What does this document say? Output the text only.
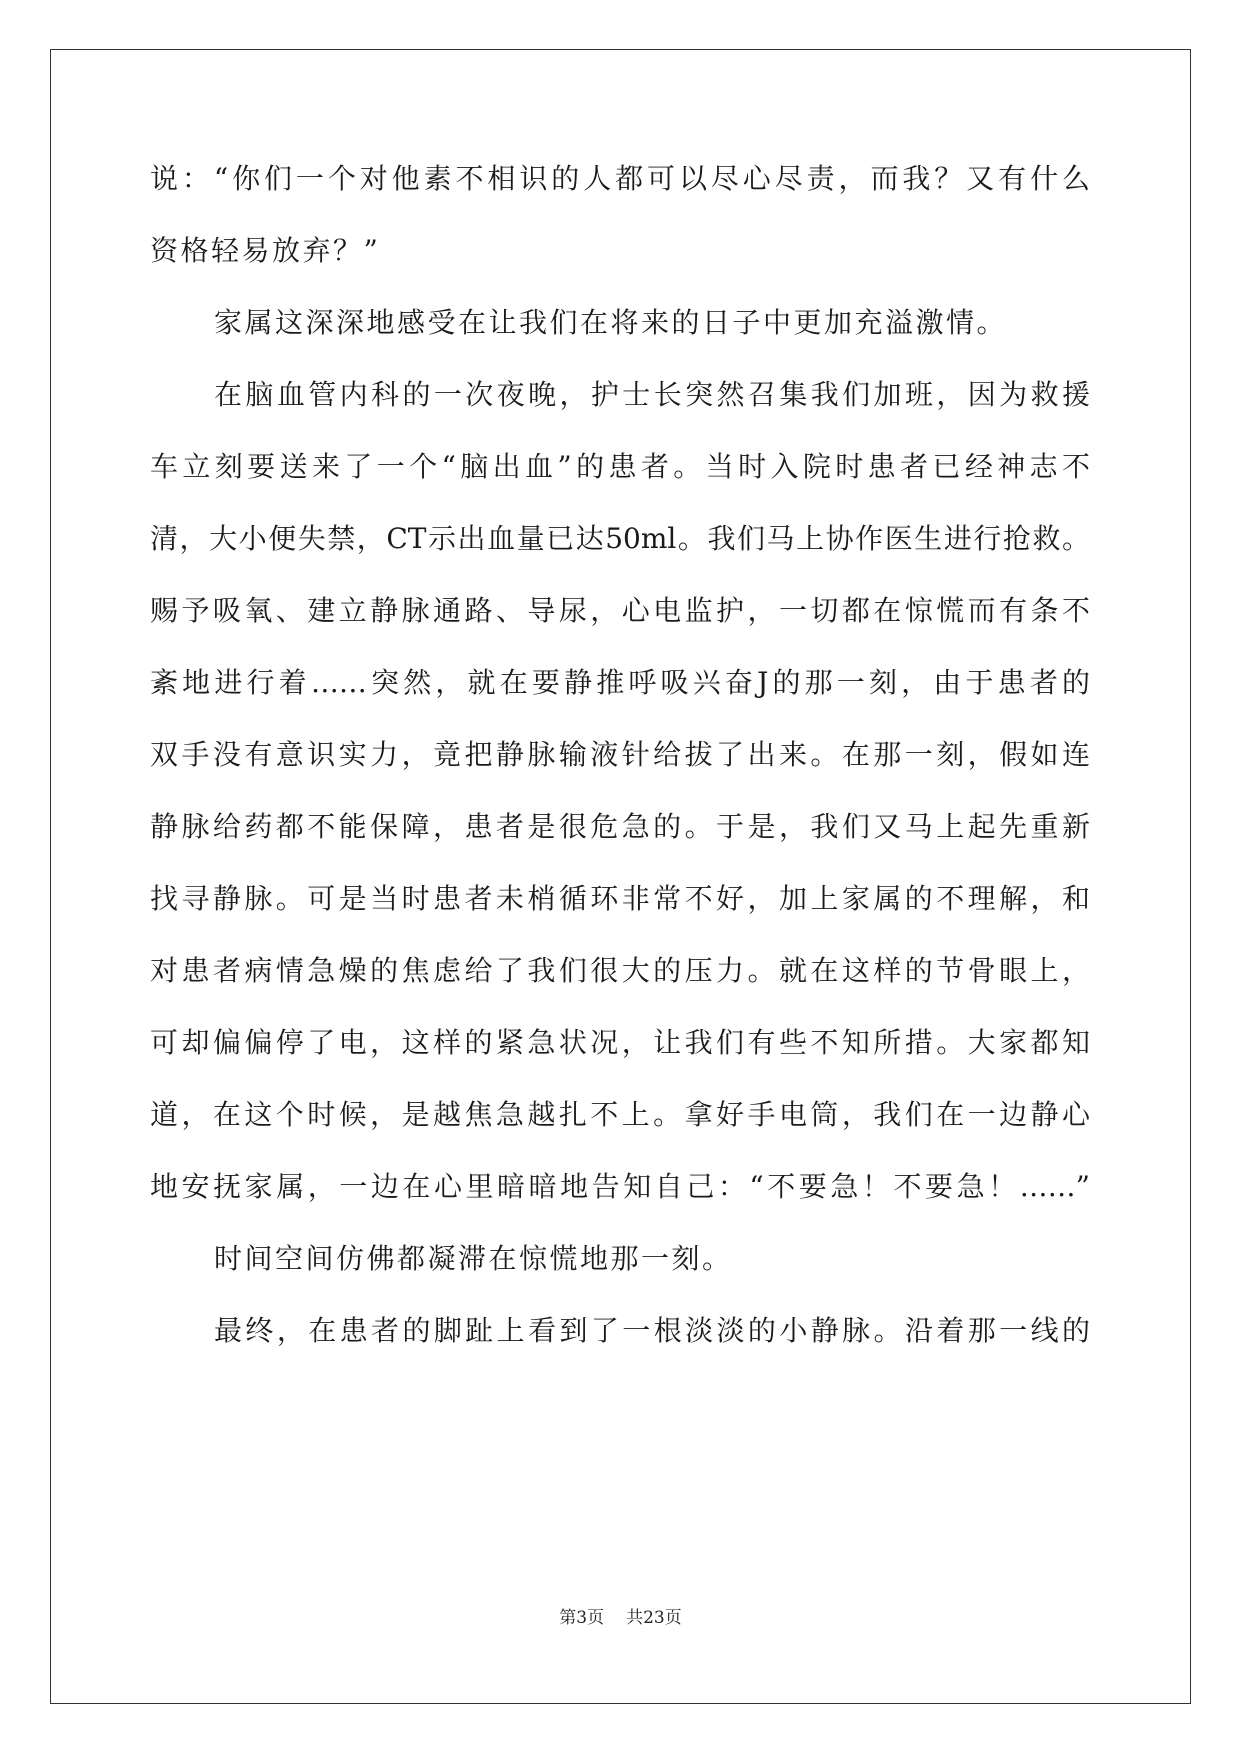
说：“你们一个对他素不相识的人都可以尽心尽责，而我？又有什么
资格轻易放弃？”
家属这深深地感受在让我们在将来的日子中更加充溢激情。
在脑血管内科的一次夜晚，护士长突然召集我们加班，因为救援
车立刻要送来了一个“脑出血”的患者。当时入院时患者已经神志不
清，大小便失禁，CT示出血量已达50ml。我们马上协作医生进行抢救。
赐予吸氧、建立静脉通路、导尿，心电监护，一切都在惊慌而有条不
紊地进行着……突然，就在要静推呼吸兴奋J的那一刻，由于患者的
双手没有意识实力，竟把静脉输液针给拔了出来。在那一刻，假如连
静脉给药都不能保障，患者是很危急的。于是，我们又马上起先重新
找寻静脉。可是当时患者未梢循环非常不好，加上家属的不理解，和
对患者病情急燥的焦虑给了我们很大的压力。就在这样的节骨眼上，
可却偏偏停了电，这样的紧急状况，让我们有些不知所措。大家都知
道，在这个时候，是越焦急越扎不上。拿好手电筒，我们在一边静心
地安抚家属，一边在心里暗暗地告知自己：“不要急！不要急！……”
时间空间仿佛都凝滞在惊慌地那一刻。
最终，在患者的脚趾上看到了一根淡淡的小静脉。沿着那一线的
第3页 共23页
